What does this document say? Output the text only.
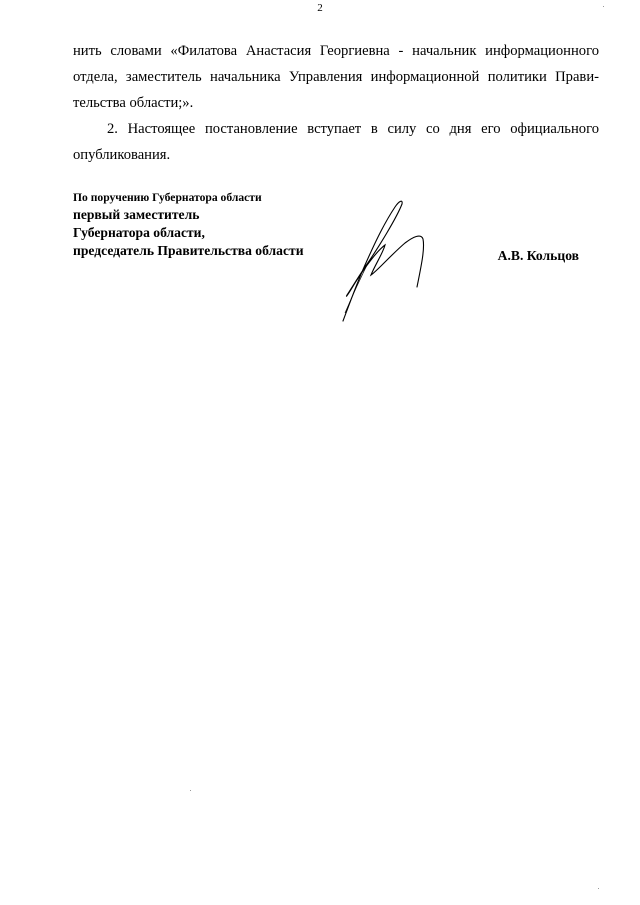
2
нить словами «Филатова Анастасия Георгиевна - начальник информационного
отдела, заместитель начальника Управления информационной политики Прави-
тельства области;».
2. Настоящее постановление вступает в силу со дня его официального
опубликования.
По поручению Губернатора области
первый заместитель
Губернатора области,
председатель Правительства области	А.В. Кольцов
